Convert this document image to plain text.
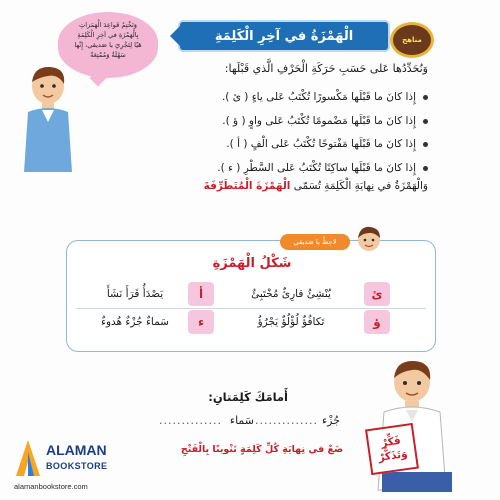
وَنَخْتِمُ قَواعِدَ الْهَمَزاتِ
بِالْهَمْزَةِ في آخِرِ الْكَلِمَةِ
هَيّا لِتَجْرِيَ يا صَديقي، إِنَّها
سَهْلَةٌ وَمُمْتِعَةٌ
مناهج
الْهَمْزَةُ في آخِرِ الْكَلِمَةِ
وَنُحَدِّدُها عَلى حَسَبِ حَرَكَةِ الْحَرْفِ الَّذي قَبْلَها:
إِذا كانَ ما قَبْلَها مَكْسورًا تُكْتَبُ عَلى ياءٍ ( ئ ).
إِذا كانَ ما قَبْلَها مَضْمومًا تُكْتَبُ عَلى واوٍ ( ؤ ).
إِذا كانَ ما قَبْلَها مَفْتوحًا تُكْتَبُ عَلى الْفٍ ( أ ).
إِذا كانَ ما قَبْلَها ساكِنًا تُكْتَبُ عَلى السَّطْرِ ( ء ).
وَالْهَمْزَةُ في نِهايَةِ الْكَلِمَةِ تُسَمّى الْهَمْزَةَ الْمُتَطَرِّفَةَ
لاحِظْ يا صَديقي
شَكْلُ الْهَمْزَةِ
يَصْدَأُ قَرَأَ نَشَأَ	أ	يُنْشِئُ قارِئٌ مُخْتَبِئٌ	ئ
سَماءٌ جُزْءٌ هُدوءٌ	ء	تَكافُؤٌ لُؤْلُؤٌ يَجْرُؤُ	ؤ
أَمامَكَ كَلِمَتانِ:
جُزْء
..............
سَماء
..............
ضَعْ في نِهايَةِ كُلِّ كَلِمَةٍ تَنْوينًا بِالْفَتْحِ
فَكِّرْ
وَتَذَكَّرْ
ALAMAN
BOOKSTORE
alamanbookstore.com
